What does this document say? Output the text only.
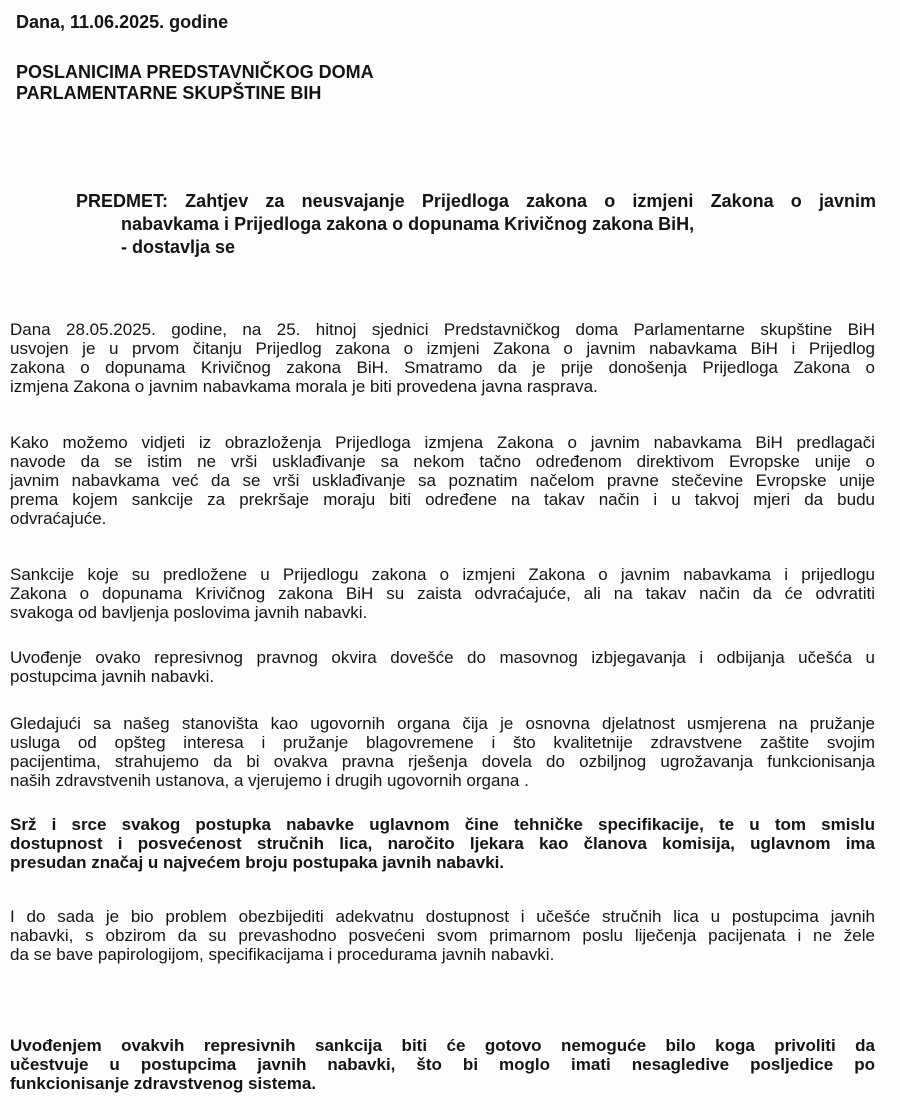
Dana, 11.06.2025. godine
POSLANICIMA PREDSTAVNIČKOG DOMA
PARLAMENTARNE SKUPŠTINE BIH
PREDMET: Zahtjev za neusvajanje Prijedloga zakona o izmjeni Zakona o javnim
nabavkama i Prijedloga zakona o dopunama Krivičnog zakona BiH,
- dostavlja se
Dana 28.05.2025. godine, na 25. hitnoj sjednici Predstavničkog doma Parlamentarne skupštine BiH
usvojen je u prvom čitanju Prijedlog zakona o izmjeni Zakona o javnim nabavkama BiH i Prijedlog
zakona o dopunama Krivičnog zakona BiH. Smatramo da je prije donošenja Prijedloga Zakona o
izmjena Zakona o javnim nabavkama morala je biti provedena javna rasprava.
Kako možemo vidjeti iz obrazloženja Prijedloga izmjena Zakona o javnim nabavkama BiH predlagači
navode da se istim ne vrši usklađivanje sa nekom tačno određenom direktivom Evropske unije o
javnim nabavkama već da se vrši usklađivanje sa poznatim načelom pravne stečevine Evropske unije
prema kojem sankcije za prekršaje moraju biti određene na takav način i u takvoj mjeri da budu
odvraćajuće.
Sankcije koje su predložene u Prijedlogu zakona o izmjeni Zakona o javnim nabavkama i prijedlogu
Zakona o dopunama Krivičnog zakona BiH su zaista odvraćajuće, ali na takav način da će odvratiti
svakoga od bavljenja poslovima javnih nabavki.
Uvođenje ovako represivnog pravnog okvira dovešće do masovnog izbjegavanja i odbijanja učešća u
postupcima javnih nabavki.
Gledajući sa našeg stanovišta kao ugovornih organa čija je osnovna djelatnost usmjerena na pružanje
usluga od opšteg interesa i pružanje blagovremene i što kvalitetnije zdravstvene zaštite svojim
pacijentima, strahujemo da bi ovakva pravna rješenja dovela do ozbiljnog ugrožavanja funkcionisanja
naših zdravstvenih ustanova, a vjerujemo i drugih ugovornih organa .
Srž i srce svakog postupka nabavke uglavnom čine tehničke specifikacije, te u tom smislu
dostupnost i posvećenost stručnih lica, naročito ljekara kao članova komisija, uglavnom ima
presudan značaj u najvećem broju postupaka javnih nabavki.
I do sada je bio problem obezbijediti adekvatnu dostupnost i učešće stručnih lica u postupcima javnih
nabavki, s obzirom da su prevashodno posvećeni svom primarnom poslu liječenja pacijenata i ne žele
da se bave papirologijom, specifikacijama i procedurama javnih nabavki.
Uvođenjem ovakvih represivnih sankcija biti će gotovo nemoguće bilo koga privoliti da
učestvuje u postupcima javnih nabavki, što bi moglo imati nesagledive posljedice po
funkcionisanje zdravstvenog sistema.
